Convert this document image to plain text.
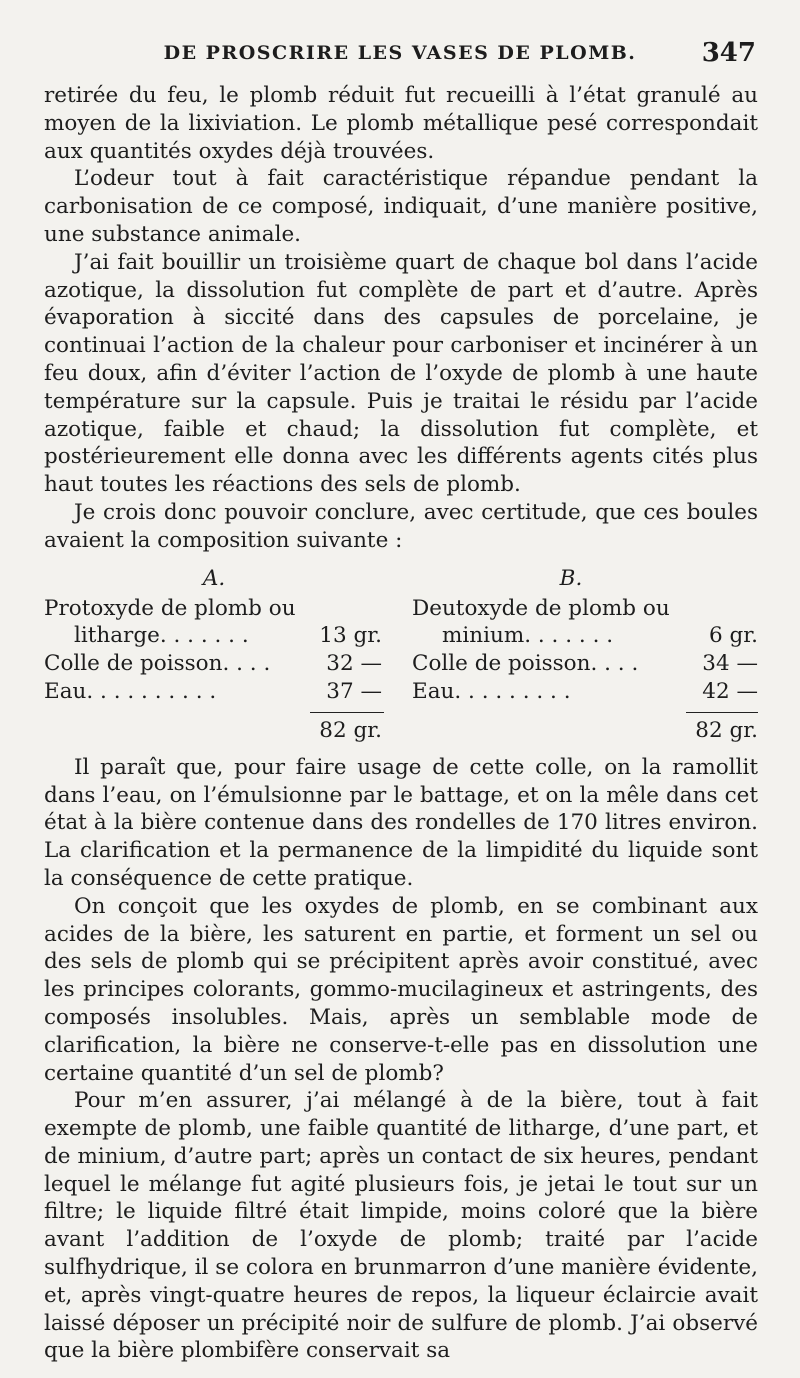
DE PROSCRIRE LES VASES DE PLOMB.	347

retirée du feu, le plomb réduit fut recueilli à l’état granulé au moyen de la lixiviation. Le plomb métallique pesé correspondait aux quantités oxydes déjà trouvées.

L’odeur tout à fait caractéristique répandue pendant la carbonisation de ce composé, indiquait, d’une manière positive, une substance animale.

J’ai fait bouillir un troisième quart de chaque bol dans l’acide azotique, la dissolution fut complète de part et d’autre. Après évaporation à siccité dans des capsules de porcelaine, je continuai l’action de la chaleur pour carboniser et incinérer à un feu doux, afin d’éviter l’action de l’oxyde de plomb à une haute température sur la capsule. Puis je traitai le résidu par l’acide azotique, faible et chaud; la dissolution fut complète, et postérieurement elle donna avec les différents agents cités plus haut toutes les réactions des sels de plomb.

Je crois donc pouvoir conclure, avec certitude, que ces boules avaient la composition suivante :

A.	B.
Protoxyde de plomb ou	Deutoxyde de plomb ou
litharge. . . . . . .	13 gr.	minium. . . . . . .	6 gr.
Colle de poisson. . . .	32 — Colle de poisson. . . .	34 —
Eau. . . . . . . . . .	37 — Eau. . . . . . . . .	42 —
82 gr.	82 gr.

Il paraît que, pour faire usage de cette colle, on la ramollit dans l’eau, on l’émulsionne par le battage, et on la mêle dans cet état à la bière contenue dans des rondelles de 170 litres environ. La clarification et la permanence de la limpidité du liquide sont la conséquence de cette pratique.

On conçoit que les oxydes de plomb, en se combinant aux acides de la bière, les saturent en partie, et forment un sel ou des sels de plomb qui se précipitent après avoir constitué, avec les principes colorants, gommo-mucilagineux et astringents, des composés insolubles. Mais, après un semblable mode de clarification, la bière ne conserve-t-elle pas en dissolution une certaine quantité d’un sel de plomb?

Pour m’en assurer, j’ai mélangé à de la bière, tout à fait exempte de plomb, une faible quantité de litharge, d’une part, et de minium, d’autre part; après un contact de six heures, pendant lequel le mélange fut agité plusieurs fois, je jetai le tout sur un filtre; le liquide filtré était limpide, moins coloré que la bière avant l’addition de l’oxyde de plomb; traité par l’acide sulfhydrique, il se colora en brunmarron d’une manière évidente, et, après vingt-quatre heures de repos, la liqueur éclaircie avait laissé déposer un précipité noir de sulfure de plomb. J’ai observé que la bière plombifère conservait sa
